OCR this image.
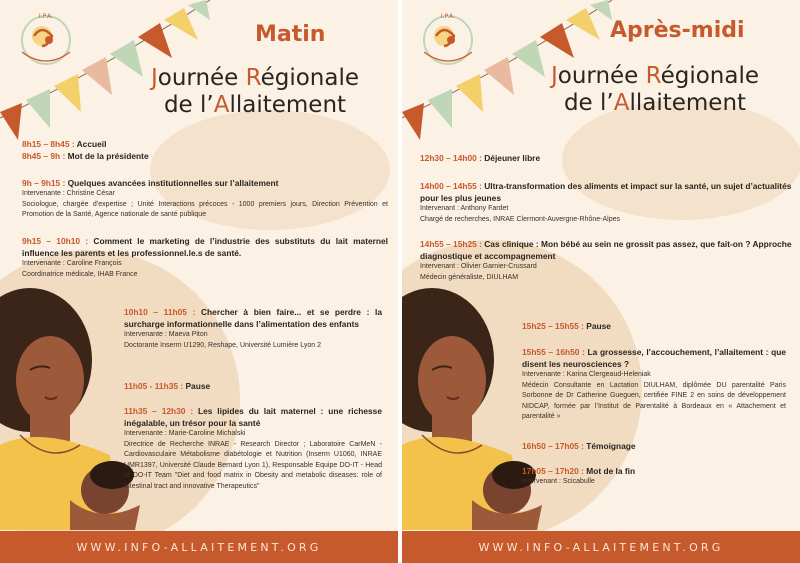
I.P.A.
Matin
Journée Régionale
de l’Allaitement
8h15 – 8h45 : Accueil
8h45 – 9h : Mot de la présidente
9h – 9h15 : Quelques avancées institutionnelles sur l’allaitement
Intervenante : Christine César
Sociologue, chargée d’expertise ; Unité Interactions précoces - 1000 premiers jours, Direction Prévention et Promotion de la Santé, Agence nationale de santé publique
9h15 – 10h10 : Comment le marketing de l’industrie des substituts du lait maternel influence les parents et les professionnel.le.s de santé.
Intervenante : Caroline François
Coordinatrice médicale, IHAB France
10h10 – 11h05 : Chercher à bien faire... et se perdre : la surcharge informationnelle dans l’alimentation des enfants
Intervenante : Maeva Piton
Doctorante Inserm U1290, Reshape, Université Lumière Lyon 2
11h05 - 11h35 : Pause
11h35 – 12h30 : Les lipides du lait maternel : une richesse inégalable, un trésor pour la santé
Intervenante : Marie-Caroline Michalski
Directrice de Recherche INRAE - Research Director ; Laboratoire CarMeN - Cardiovasculaire Métabolisme diabétologie et Nutrition (Inserm U1060, INRAE UMR1397, Université Claude Bernard Lyon 1), Responsable Equipe DO-IT - Head of DO-IT Team "Diet and food matrix in Obesity and metabolic diseases: role of Intestinal tract and innovative Therapeutics"
WWW.INFO-ALLAITEMENT.ORG
I.P.A.
Après-midi
Journée Régionale
de l’Allaitement
12h30 – 14h00 : Déjeuner libre
14h00 – 14h55 : Ultra-transformation des aliments et impact sur la santé, un sujet d’actualités pour les plus jeunes
Intervenant : Anthony Fardet
Chargé de recherches, INRAE Clermont-Auvergne-Rhône-Alpes
14h55 – 15h25 : Cas clinique : Mon bébé au sein ne grossit pas assez, que fait-on ? Approche diagnostique et accompagnement
Intervenant : Olivier Garnier-Crussard
Médecin généraliste, DIULHAM
15h25 – 15h55 : Pause
15h55 – 16h50 : La grossesse, l’accouchement, l’allaitement : que disent les neurosciences ?
Intervenante : Karina Clergeaud-Heleniak
Médecin Consultante en Lactation DIULHAM, diplômée DU parentalité Paris Sorbonne de Dr Catherine Gueguen, certifiée FINE 2 en soins de développement NIDCAP, formée par l’Institut de Parentalité à Bordeaux en « Attachement et parentalité »
16h50 – 17h05 : Témoignage
17h05 – 17h20 : Mot de la fin
Intervenant : Scicabulle
WWW.INFO-ALLAITEMENT.ORG
